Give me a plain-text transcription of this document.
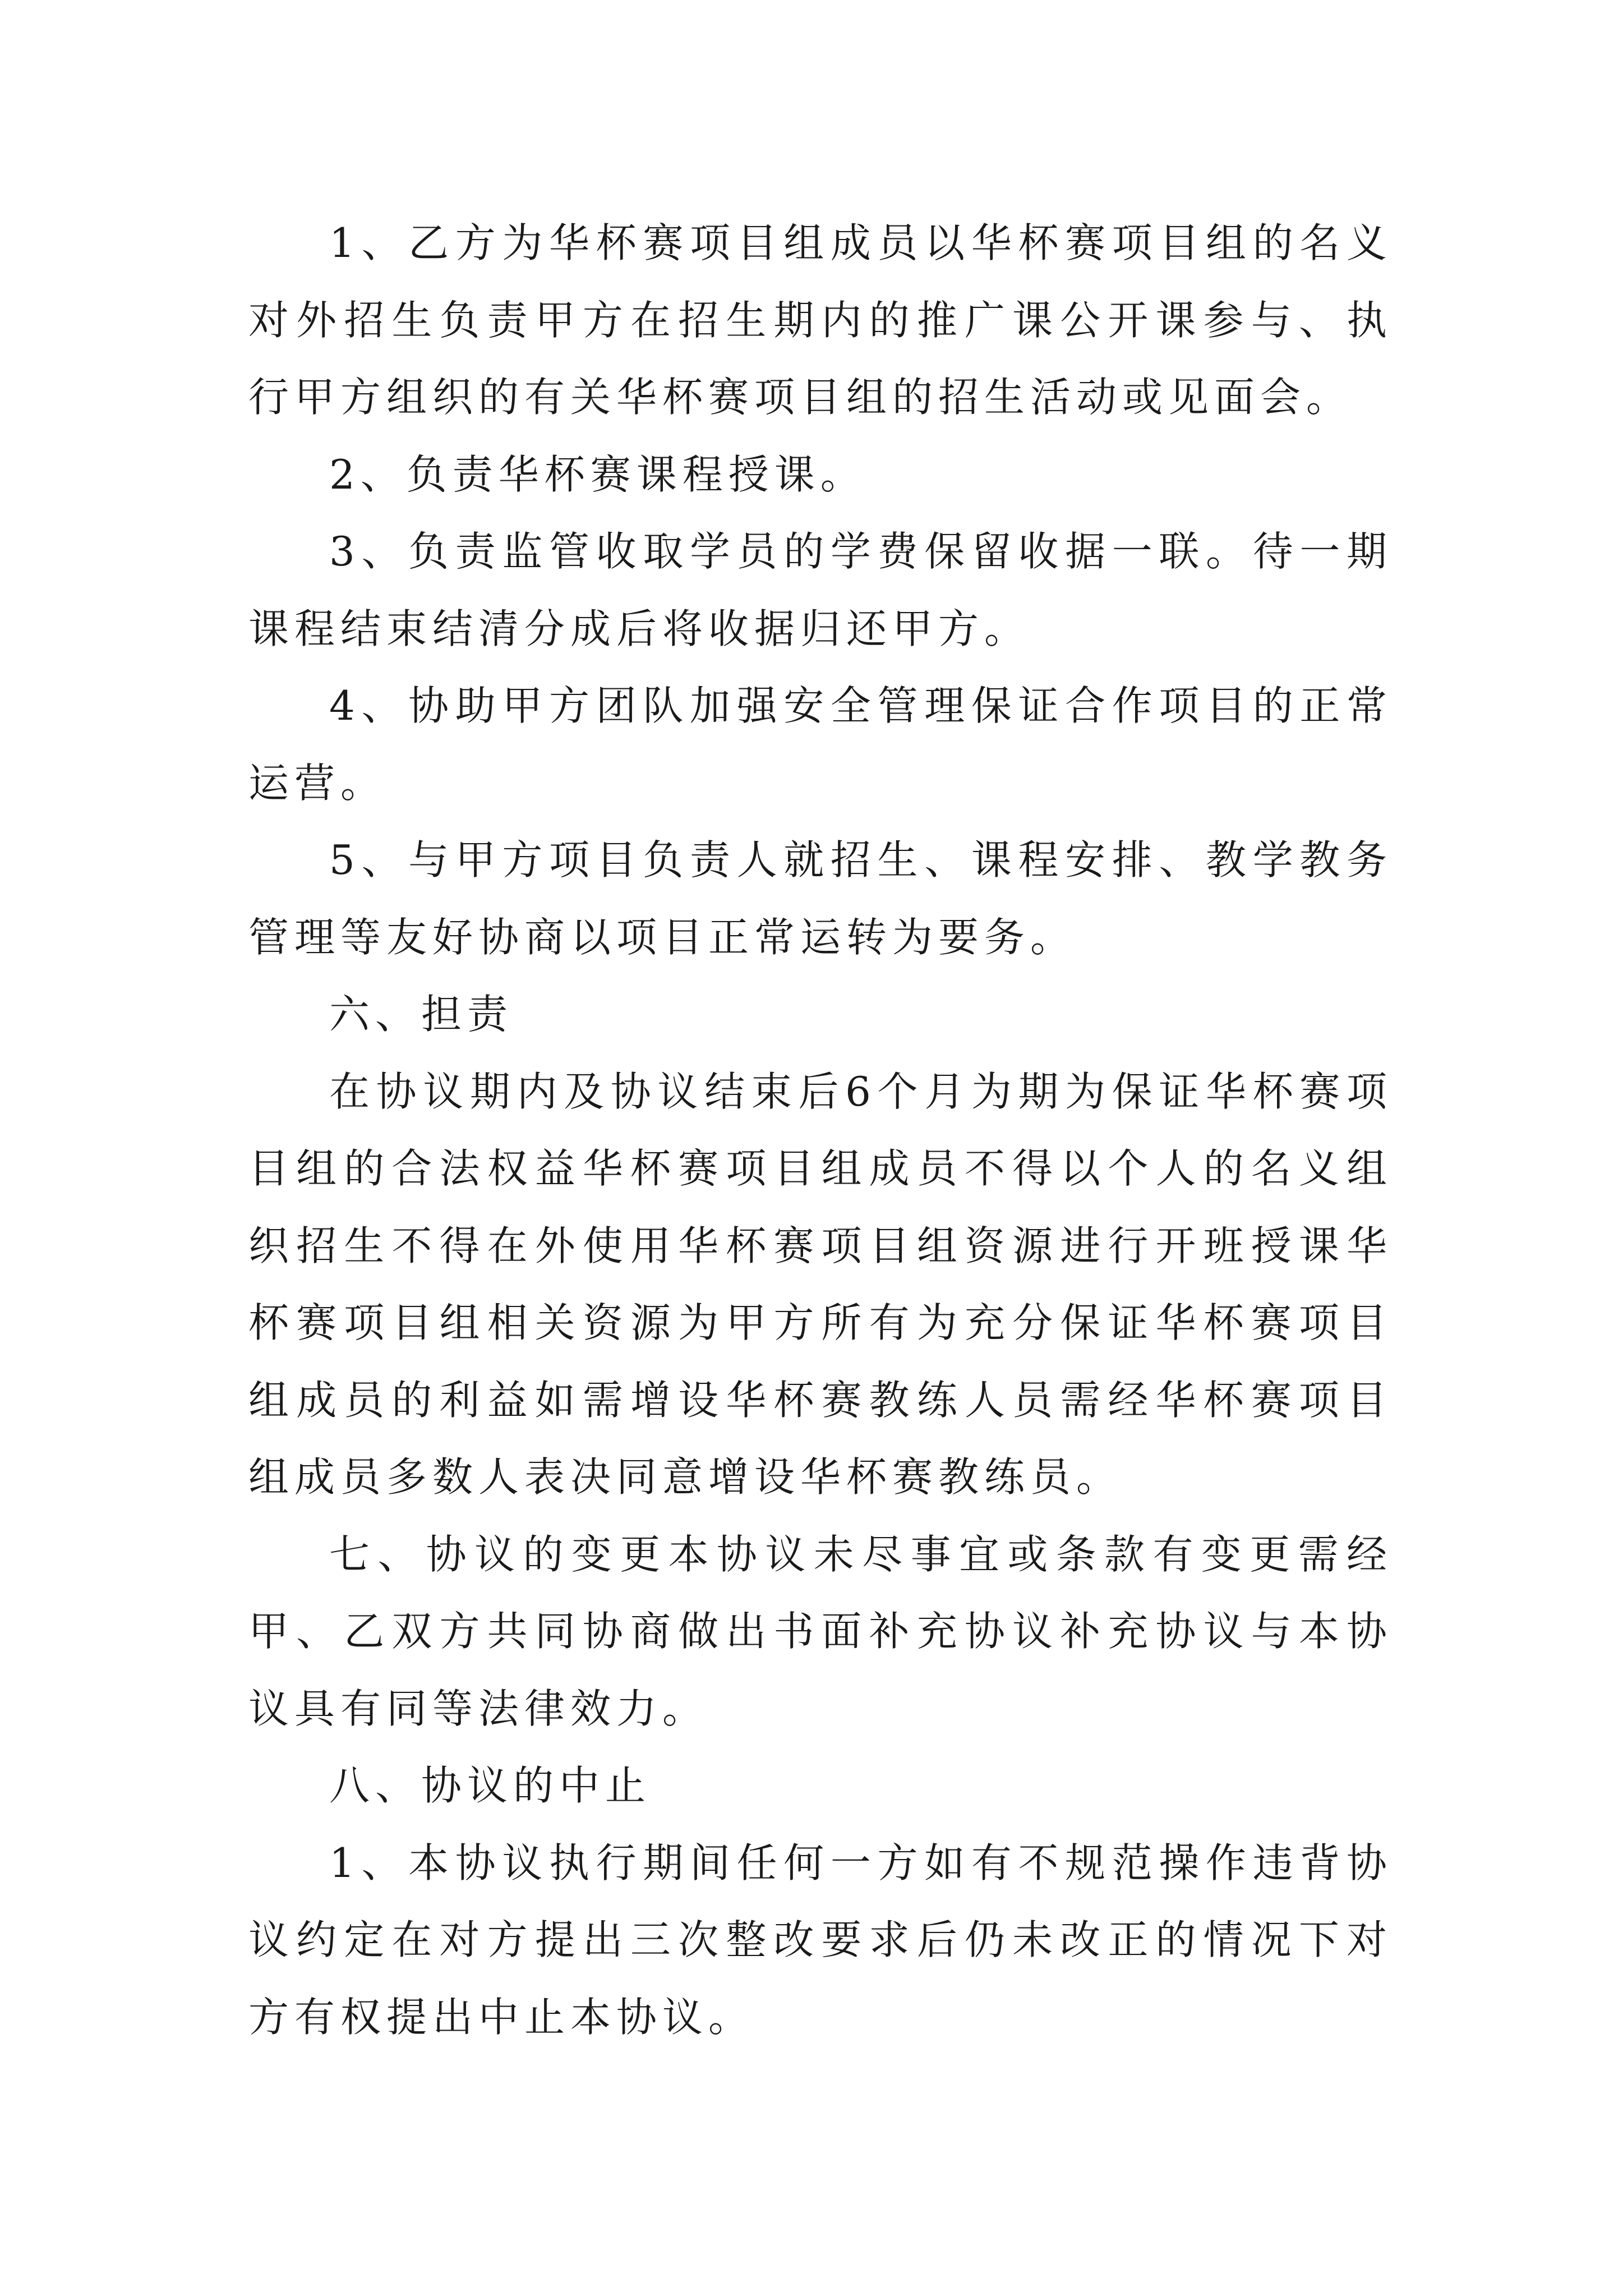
1、乙方为华杯赛项目组成员以华杯赛项目组的名义对外招生负责甲方在招生期内的推广课公开课参与、执行甲方组织的有关华杯赛项目组的招生活动或见面会。

2、负责华杯赛课程授课。

3、负责监管收取学员的学费保留收据一联。待一期课程结束结清分成后将收据归还甲方。

4、协助甲方团队加强安全管理保证合作项目的正常运营。

5、与甲方项目负责人就招生、课程安排、教学教务管理等友好协商以项目正常运转为要务。

六、担责

在协议期内及协议结束后6个月为期为保证华杯赛项目组的合法权益华杯赛项目组成员不得以个人的名义组织招生不得在外使用华杯赛项目组资源进行开班授课华杯赛项目组相关资源为甲方所有为充分保证华杯赛项目组成员的利益如需增设华杯赛教练人员需经华杯赛项目组成员多数人表决同意增设华杯赛教练员。

七、协议的变更本协议未尽事宜或条款有变更需经甲、乙双方共同协商做出书面补充协议补充协议与本协议具有同等法律效力。

八、协议的中止

1、本协议执行期间任何一方如有不规范操作违背协议约定在对方提出三次整改要求后仍未改正的情况下对方有权提出中止本协议。
